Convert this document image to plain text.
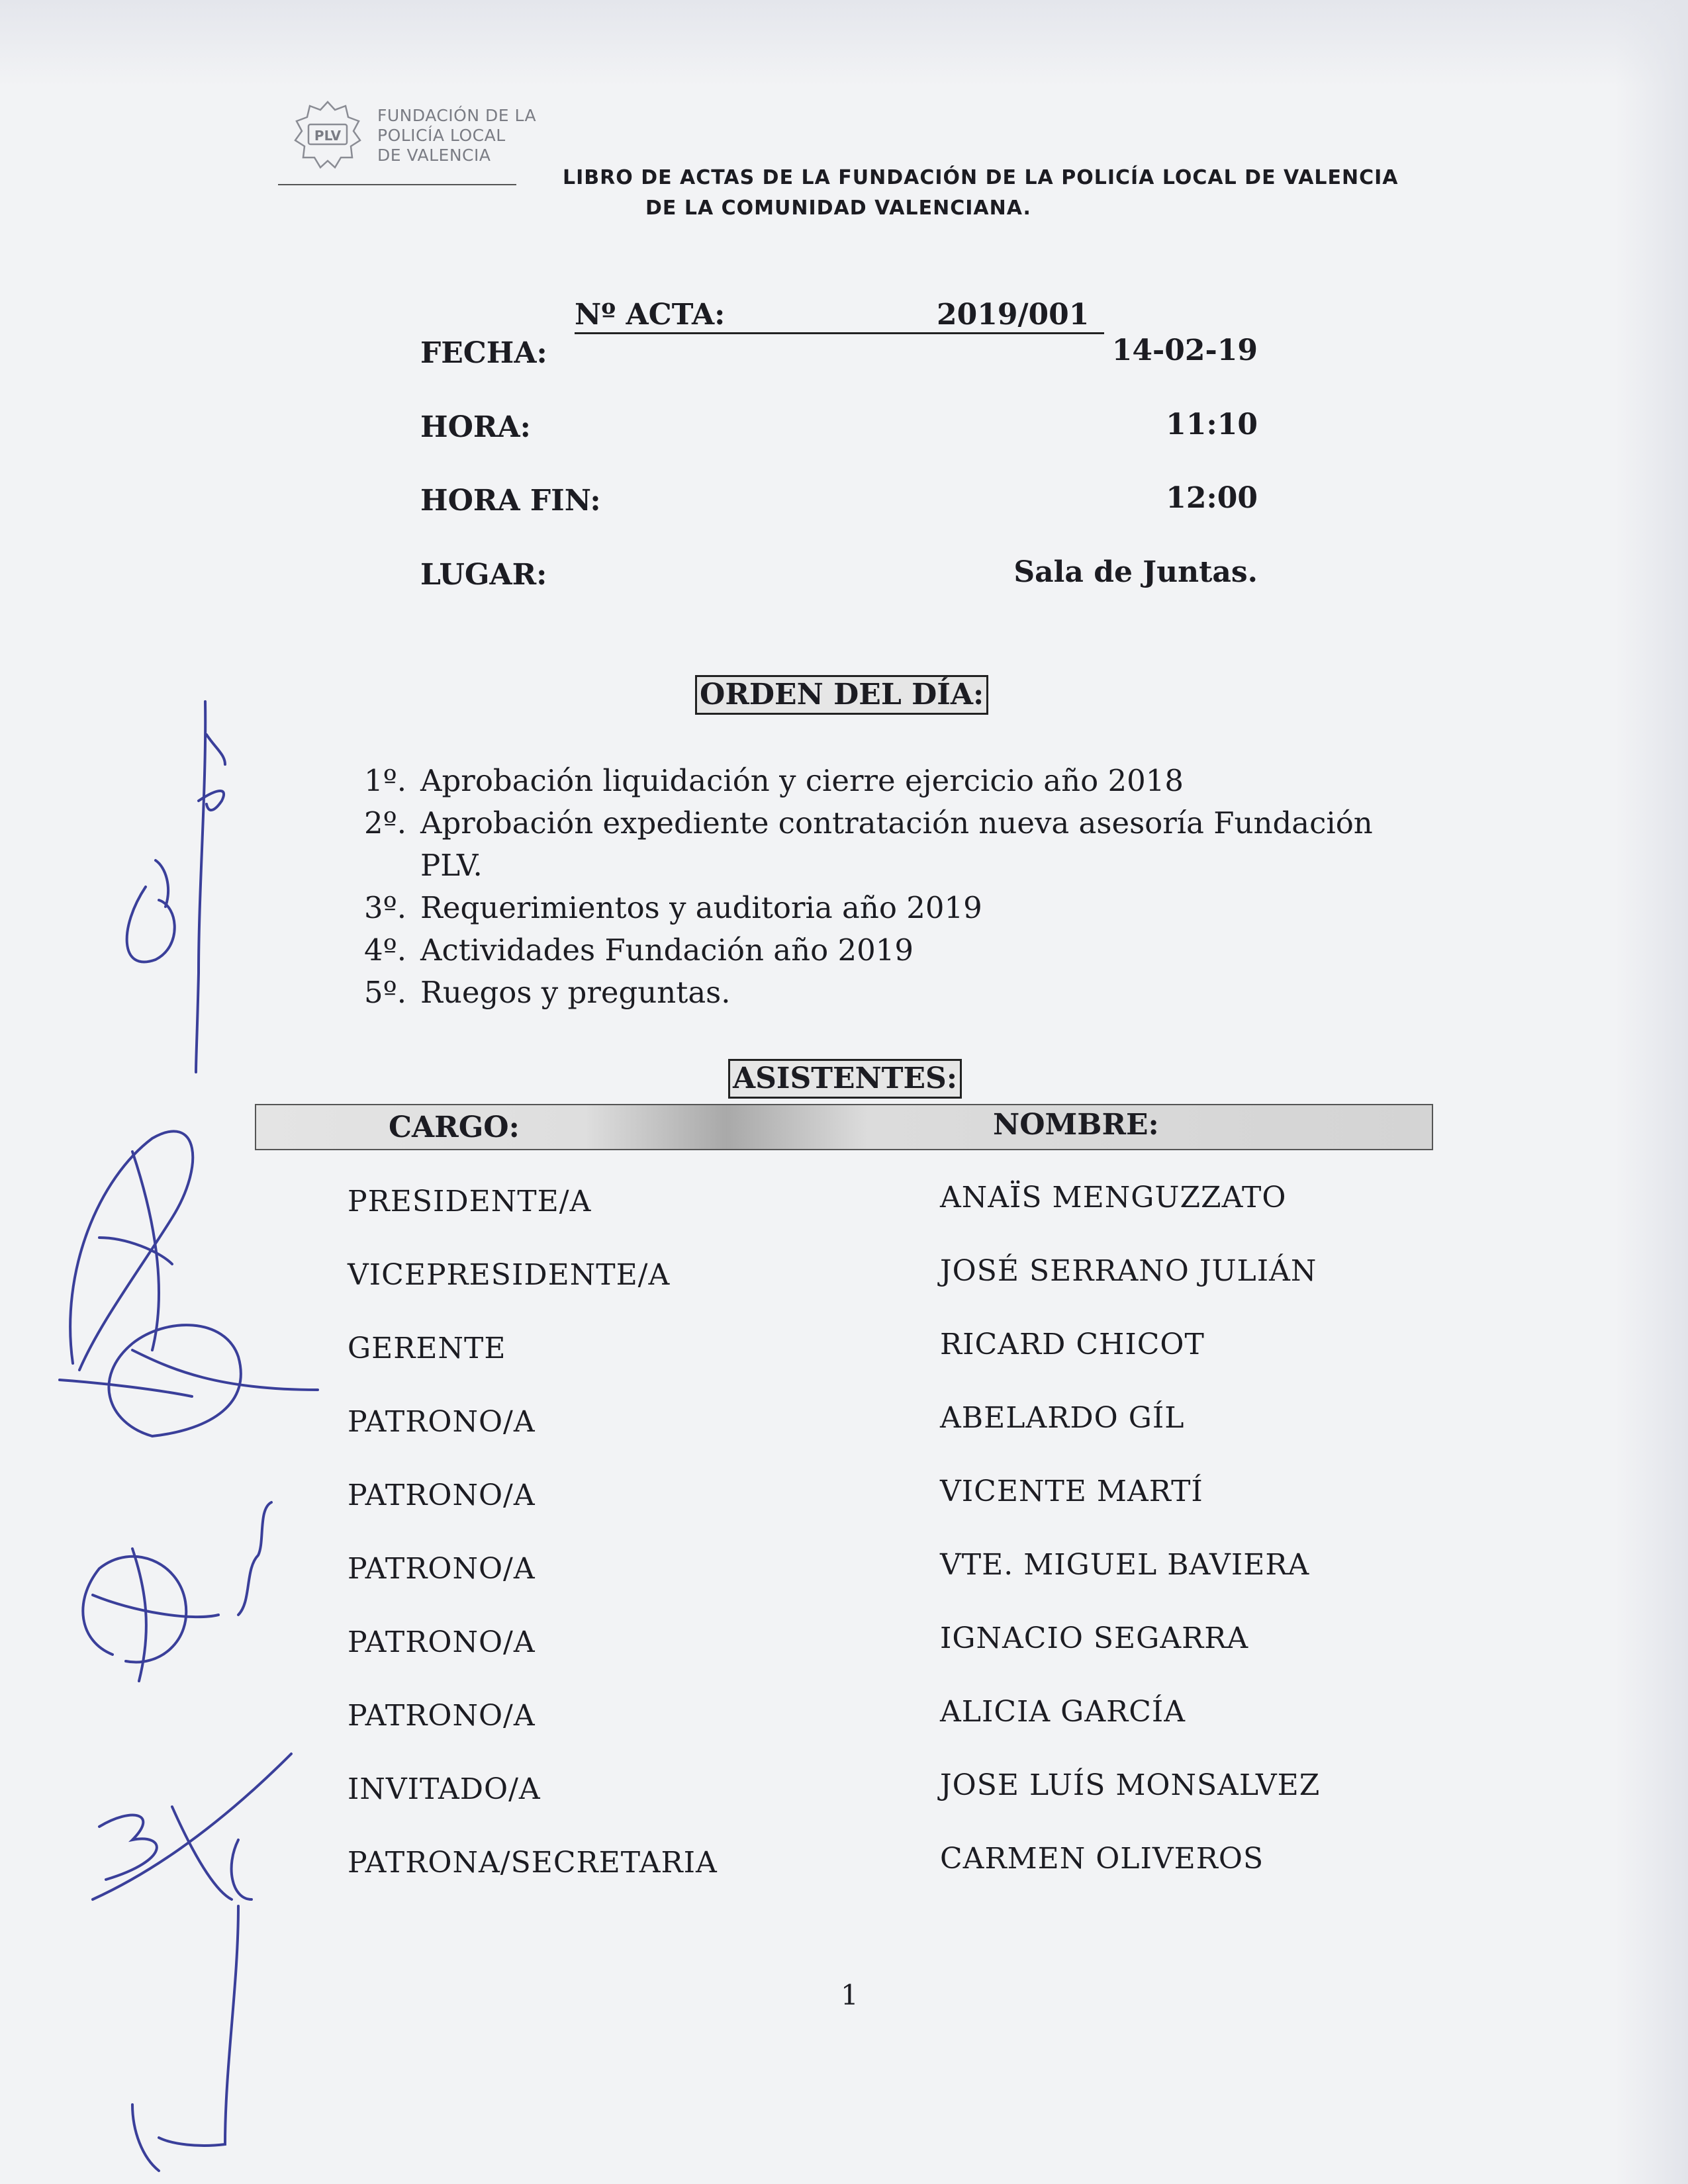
PLV
FUNDACIÓN DE LA
POLICÍA LOCAL
DE VALENCIA
LIBRO DE ACTAS DE LA FUNDACIÓN DE LA POLICÍA LOCAL DE VALENCIA
DE LA COMUNIDAD VALENCIANA.
Nº ACTA:	2019/001
FECHA:	14-02-19
HORA:	11:10
HORA FIN:	12:00
LUGAR:	Sala de Juntas.
ORDEN DEL DÍA:
1º. Aprobación liquidación y cierre ejercicio año 2018
2º. Aprobación expediente contratación nueva asesoría Fundación PLV.
3º. Requerimientos y auditoria año 2019
4º. Actividades Fundación año 2019
5º. Ruegos y preguntas.
ASISTENTES:
CARGO:	NOMBRE:
PRESIDENTE/A	ANAÏS MENGUZZATO
VICEPRESIDENTE/A	JOSÉ SERRANO JULIÁN
GERENTE	RICARD CHICOT
PATRONO/A	ABELARDO GÍL
PATRONO/A	VICENTE MARTÍ
PATRONO/A	VTE. MIGUEL BAVIERA
PATRONO/A	IGNACIO SEGARRA
PATRONO/A	ALICIA GARCÍA
INVITADO/A	JOSE LUÍS MONSALVEZ
PATRONA/SECRETARIA	CARMEN OLIVEROS
1
